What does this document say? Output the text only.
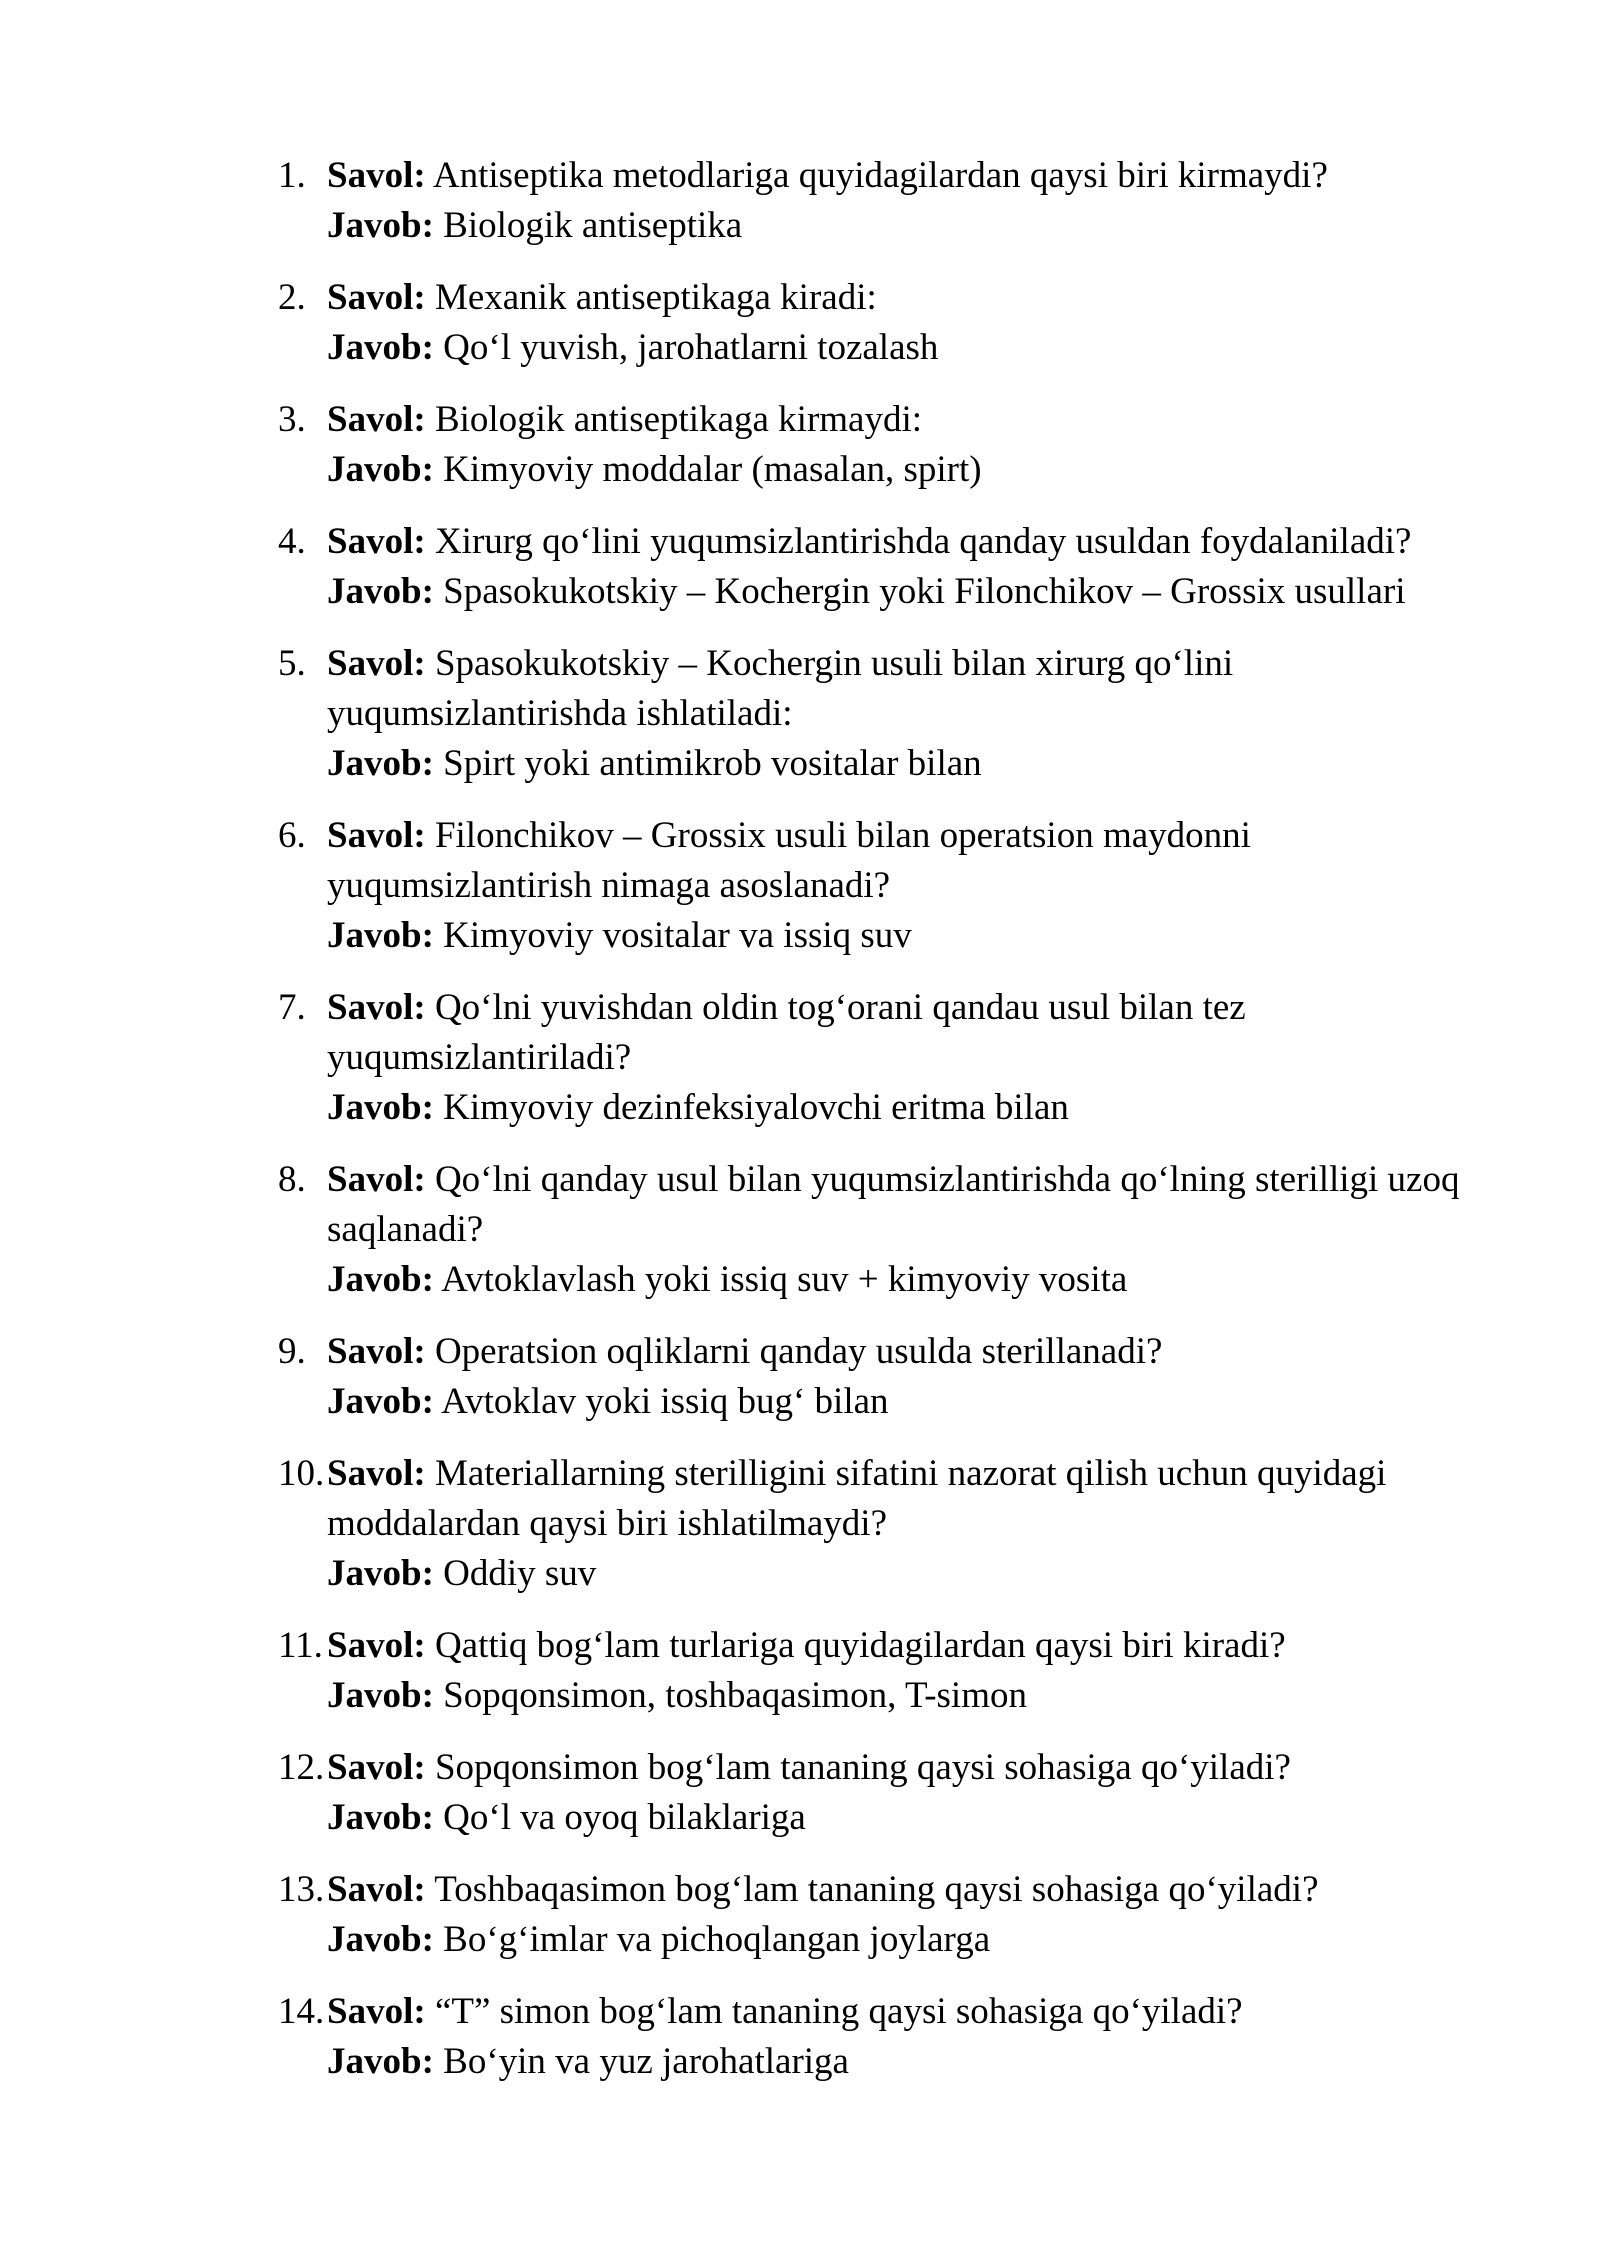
1. Savol: Antiseptika metodlariga quyidagilardan qaysi biri kirmaydi?
Javob: Biologik antiseptika
2. Savol: Mexanik antiseptikaga kiradi:
Javob: Qo‘l yuvish, jarohatlarni tozalash
3. Savol: Biologik antiseptikaga kirmaydi:
Javob: Kimyoviy moddalar (masalan, spirt)
4. Savol: Xirurg qo‘lini yuqumsizlantirishda qanday usuldan foydalaniladi?
Javob: Spasokukotskiy – Kochergin yoki Filonchikov – Grossix usullari
5. Savol: Spasokukotskiy – Kochergin usuli bilan xirurg qo‘lini yuqumsizlantirishda ishlatiladi:
Javob: Spirt yoki antimikrob vositalar bilan
6. Savol: Filonchikov – Grossix usuli bilan operatsion maydonni yuqumsizlantirish nimaga asoslanadi?
Javob: Kimyoviy vositalar va issiq suv
7. Savol: Qo‘lni yuvishdan oldin tog‘orani qandau usul bilan tez yuqumsizlantiriladi?
Javob: Kimyoviy dezinfeksiyalovchi eritma bilan
8. Savol: Qo‘lni qanday usul bilan yuqumsizlantirishda qo‘lning sterilligi uzoq saqlanadi?
Javob: Avtoklavlash yoki issiq suv + kimyoviy vosita
9. Savol: Operatsion oqliklarni qanday usulda sterillanadi?
Javob: Avtoklav yoki issiq bug‘ bilan
10. Savol: Materiallarning sterilligini sifatini nazorat qilish uchun quyidagi moddalardan qaysi biri ishlatilmaydi?
Javob: Oddiy suv
11. Savol: Qattiq bog‘lam turlariga quyidagilardan qaysi biri kiradi?
Javob: Sopqonsimon, toshbaqasimon, T-simon
12. Savol: Sopqonsimon bog‘lam tananing qaysi sohasiga qo‘yiladi?
Javob: Qo‘l va oyoq bilaklariga
13. Savol: Toshbaqasimon bog‘lam tananing qaysi sohasiga qo‘yiladi?
Javob: Bo‘g‘imlar va pichoqlangan joylarga
14. Savol: “T” simon bog‘lam tananing qaysi sohasiga qo‘yiladi?
Javob: Bo‘yin va yuz jarohatlariga
